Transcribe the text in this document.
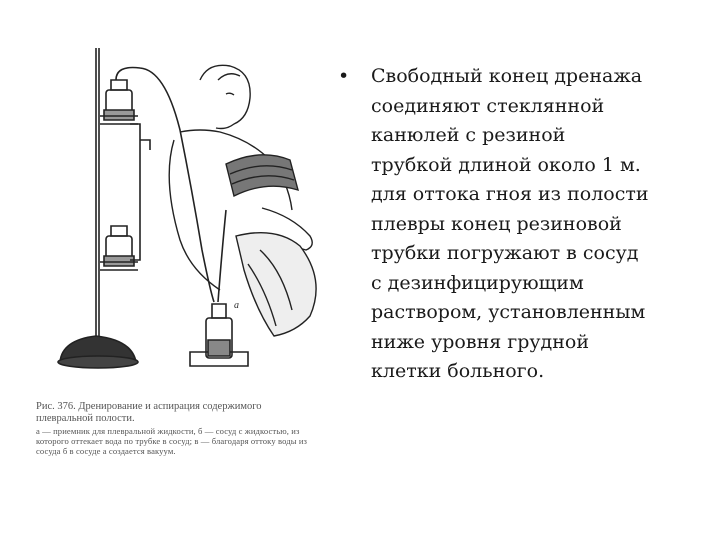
а

Рис. 376. Дренирование и аспирация содержимого плевральной полости.

а — приемник для плевральной жидкости, б — сосуд с жидкостью, из которого оттекает вода по трубке в сосуд; в — благодаря оттоку воды из сосуда б в сосуде а создается вакуум.

• Свободный конец дренажа
соединяют стеклянной
канюлей с резиной
трубкой длиной около 1 м.
для оттока гноя из полости
плевры конец резиновой
трубки погружают в сосуд
с дезинфицирующим
раствором, установленным
ниже уровня грудной
клетки больного.
